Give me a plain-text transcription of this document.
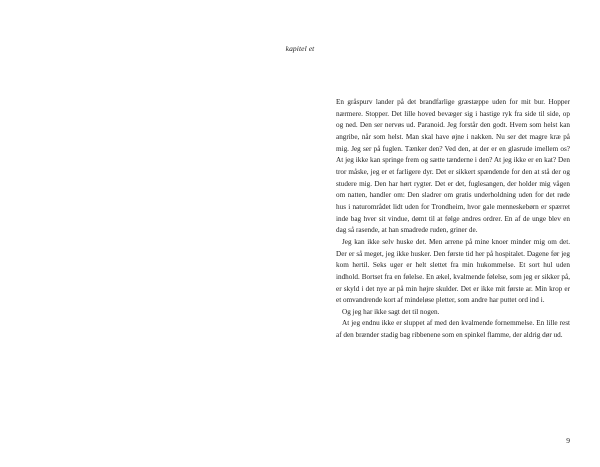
kapitel et

En gråspurv lander på det brandfarlige græstæppe uden for mit bur. Hopper nærmere. Stopper. Det lille hoved bevæger sig i hastige ryk fra side til side, op og ned. Den ser nervøs ud. Paranoid. Jeg forstår den godt. Hvem som helst kan angribe, når som helst. Man skal have øjne i nakken. Nu ser det magre kræ på mig. Jeg ser på fuglen. Tænker den? Ved den, at der er en glasrude imellem os? At jeg ikke kan springe frem og sætte tænderne i den? At jeg ikke er en kat? Den tror måske, jeg er et farligere dyr. Det er sikkert spændende for den at stå der og studere mig. Den har hørt rygter. Det er det, fuglesangen, der holder mig vågen om natten, handler om: Den sladrer om gratis underholdning uden for det røde hus i naturområdet lidt uden for Trondheim, hvor gale menneskebørn er spærret inde bag hver sit vindue, dømt til at følge andres ordrer. En af de unge blev en dag så rasende, at han smadrede ruden, griner de.

Jeg kan ikke selv huske det. Men arrene på mine knoer minder mig om det. Der er så meget, jeg ikke husker. Den første tid her på hospitalet. Dagene før jeg kom hertil. Seks uger er helt slettet fra min hukommelse. Et sort hul uden indhold. Bortset fra en følelse. En ækel, kvalmende følelse, som jeg er sikker på, er skyld i det nye ar på min højre skulder. Det er ikke mit første ar. Min krop er et omvandrende kort af mindeløse pletter, som andre har puttet ord ind i.

Og jeg har ikke sagt det til nogen.

At jeg endnu ikke er sluppet af med den kvalmende fornemmelse. En lille rest af den brænder stadig bag ribbenene som en spinkel flamme, der aldrig dør ud.

9
